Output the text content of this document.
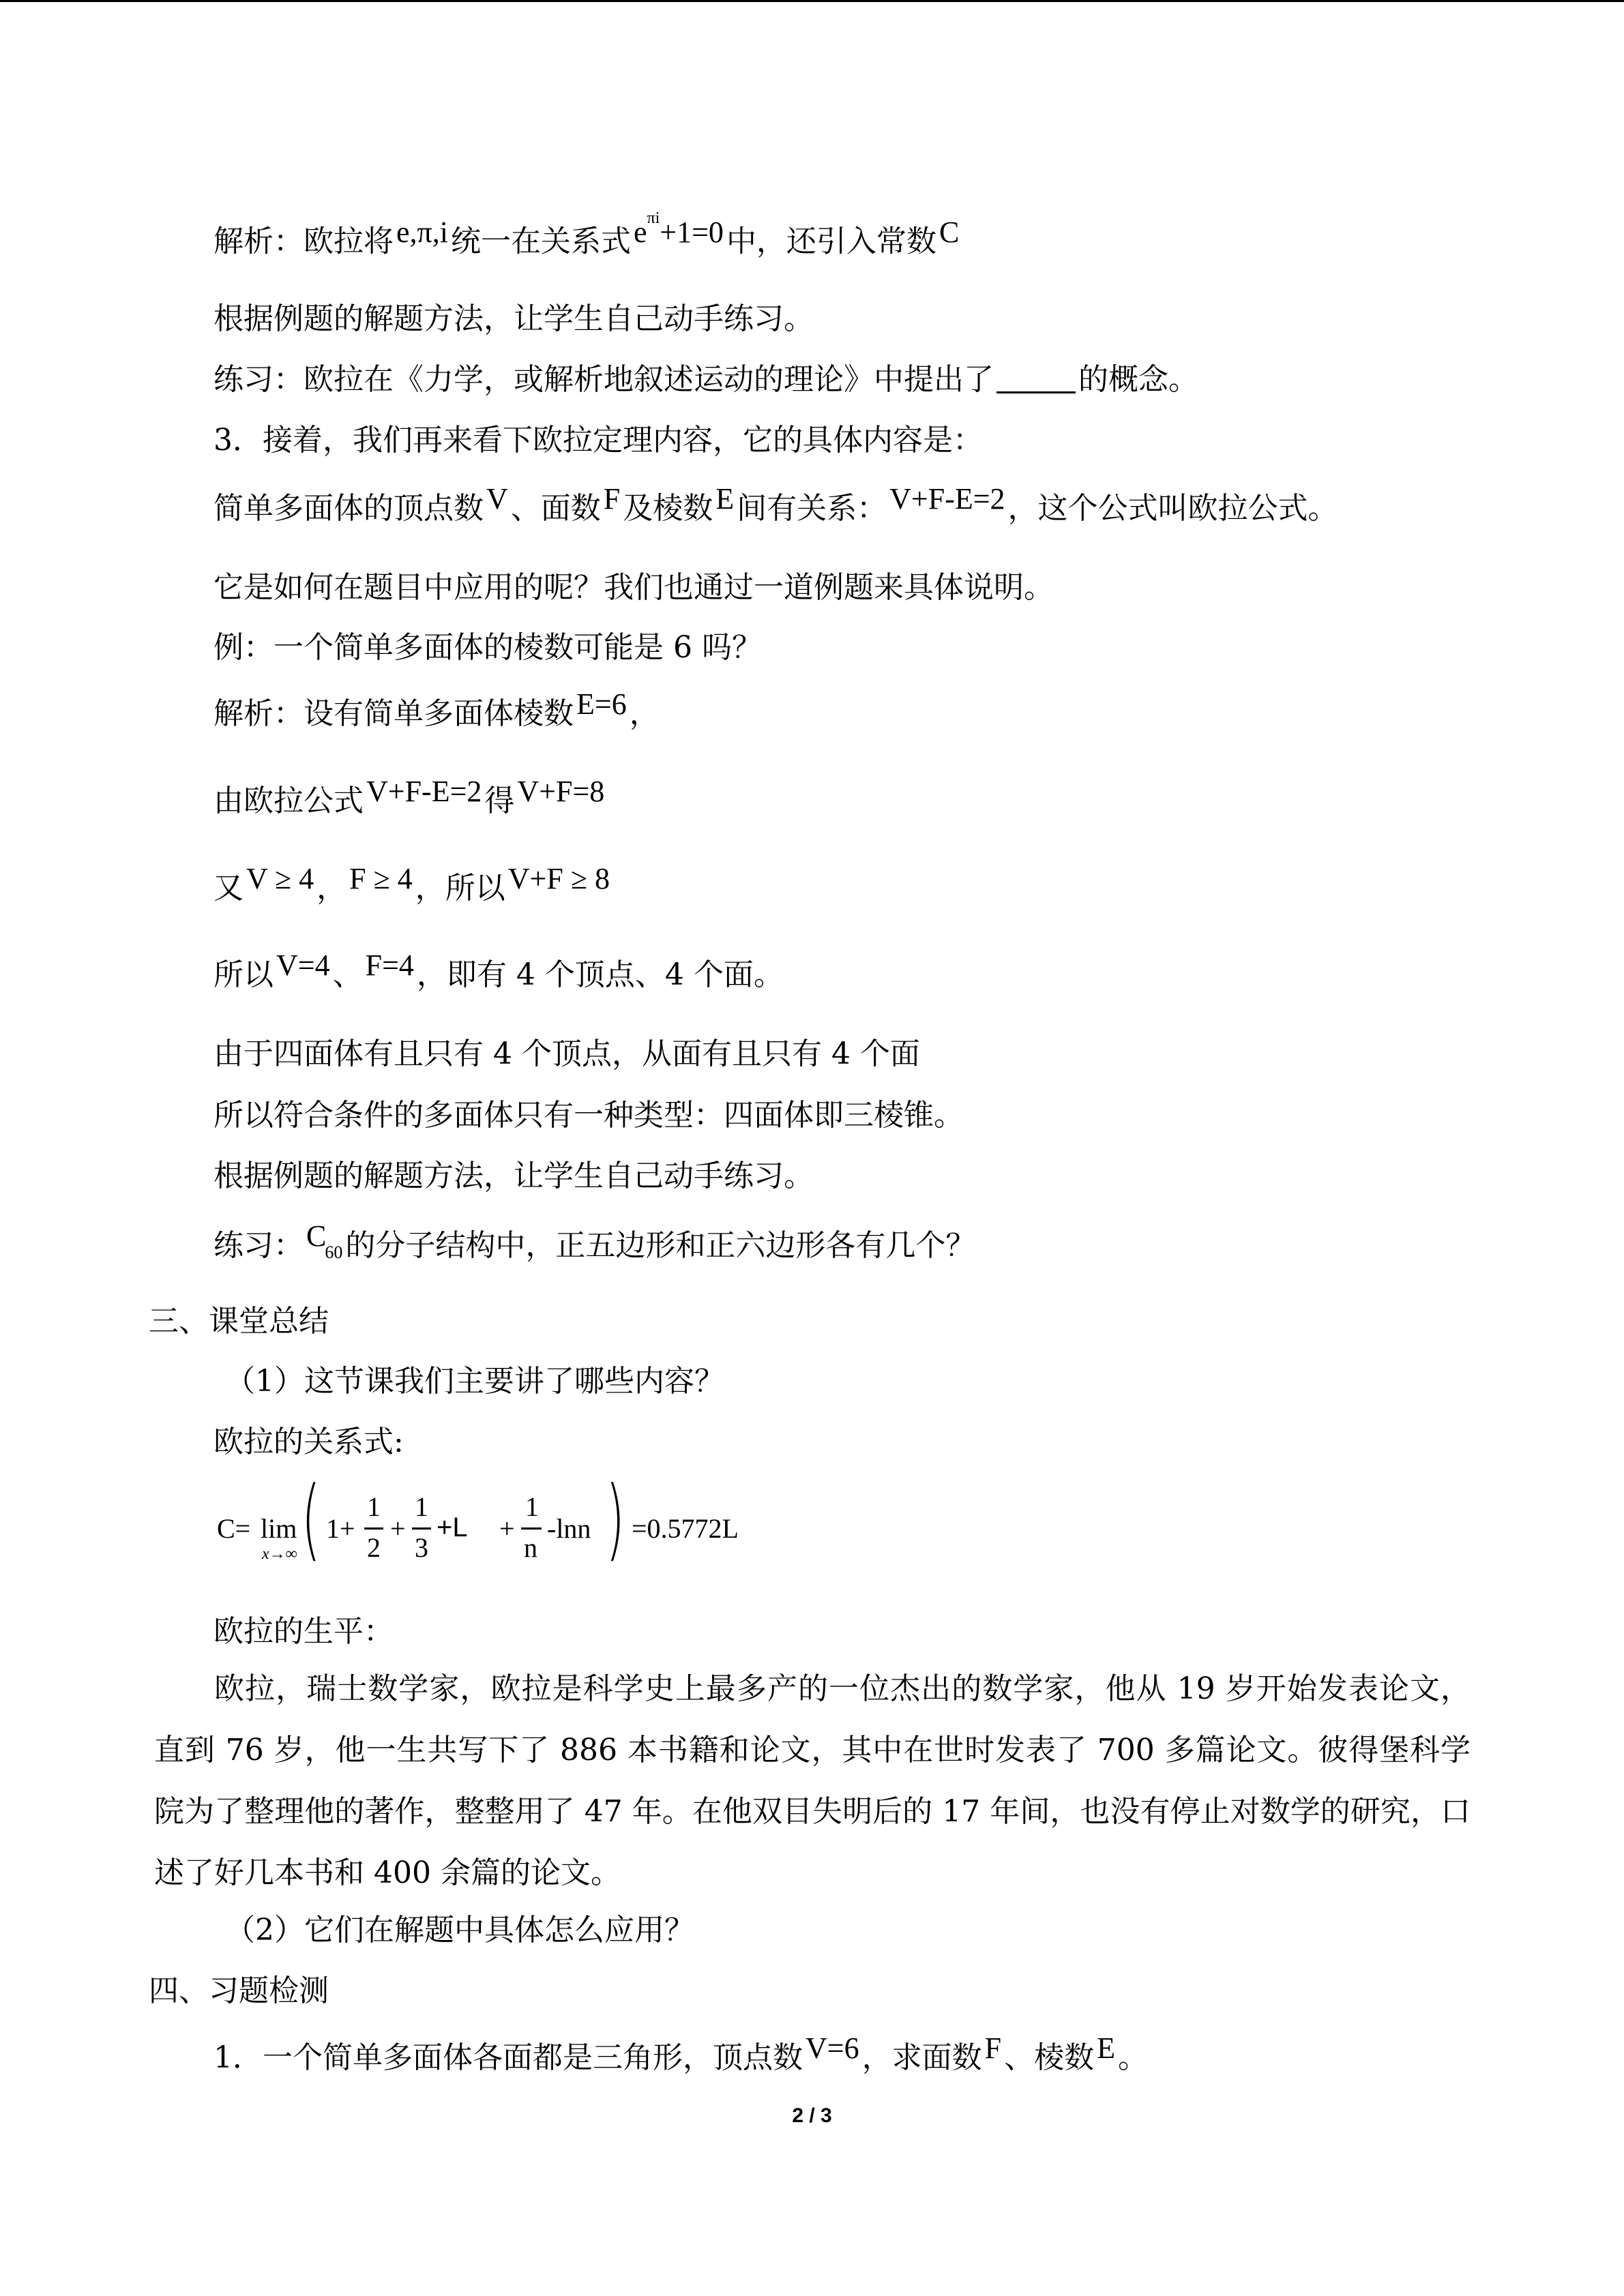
解析：欧拉将e,π,i统一在关系式$e^{\pi i}+1=0$中，还引入常数C
根据例题的解题方法，让学生自己动手练习。
练习：欧拉在《力学，或解析地叙述运动的理论》中提出了	的概念。
3．接着，我们再来看下欧拉定理内容，它的具体内容是：
简单多面体的顶点数V、面数F及棱数E间有关系：V+F-E=2，这个公式叫欧拉公式。
它是如何在题目中应用的呢？我们也通过一道例题来具体说明。
例：一个简单多面体的棱数可能是 6 吗？
解析：设有简单多面体棱数E=6，
由欧拉公式V+F-E=2得V+F=8
又V ≥ 4，F ≥ 4，所以V+F ≥ 8
所以V=4、F=4，即有 4 个顶点、4 个面。
由于四面体有且只有 4 个顶点，从面有且只有 4 个面
所以符合条件的多面体只有一种类型：四面体即三棱锥。
根据例题的解题方法，让学生自己动手练习。
练习：$C_{60}$的分子结构中，正五边形和正六边形各有几个？
三、课堂总结
（1）这节课我们主要讲了哪些内容？
欧拉的关系式:
C= lim
x→∞ ( 1+
1
2
+
1
3
+L +
1
n
-lnn ) =0.5772L
欧拉的生平：
欧拉，瑞士数学家，欧拉是科学史上最多产的一位杰出的数学家，他从 19 岁开始发表论文，直到 76 岁，他一生共写下了 886 本书籍和论文，其中在世时发表了 700 多篇论文。彼得堡科学院为了整理他的著作，整整用了 47 年。在他双目失明后的 17 年间，也没有停止对数学的研究，口述了好几本书和 400 余篇的论文。
（2）它们在解题中具体怎么应用？
四、习题检测
1．一个简单多面体各面都是三角形，顶点数V=6，求面数F、棱数E。
2 / 3
